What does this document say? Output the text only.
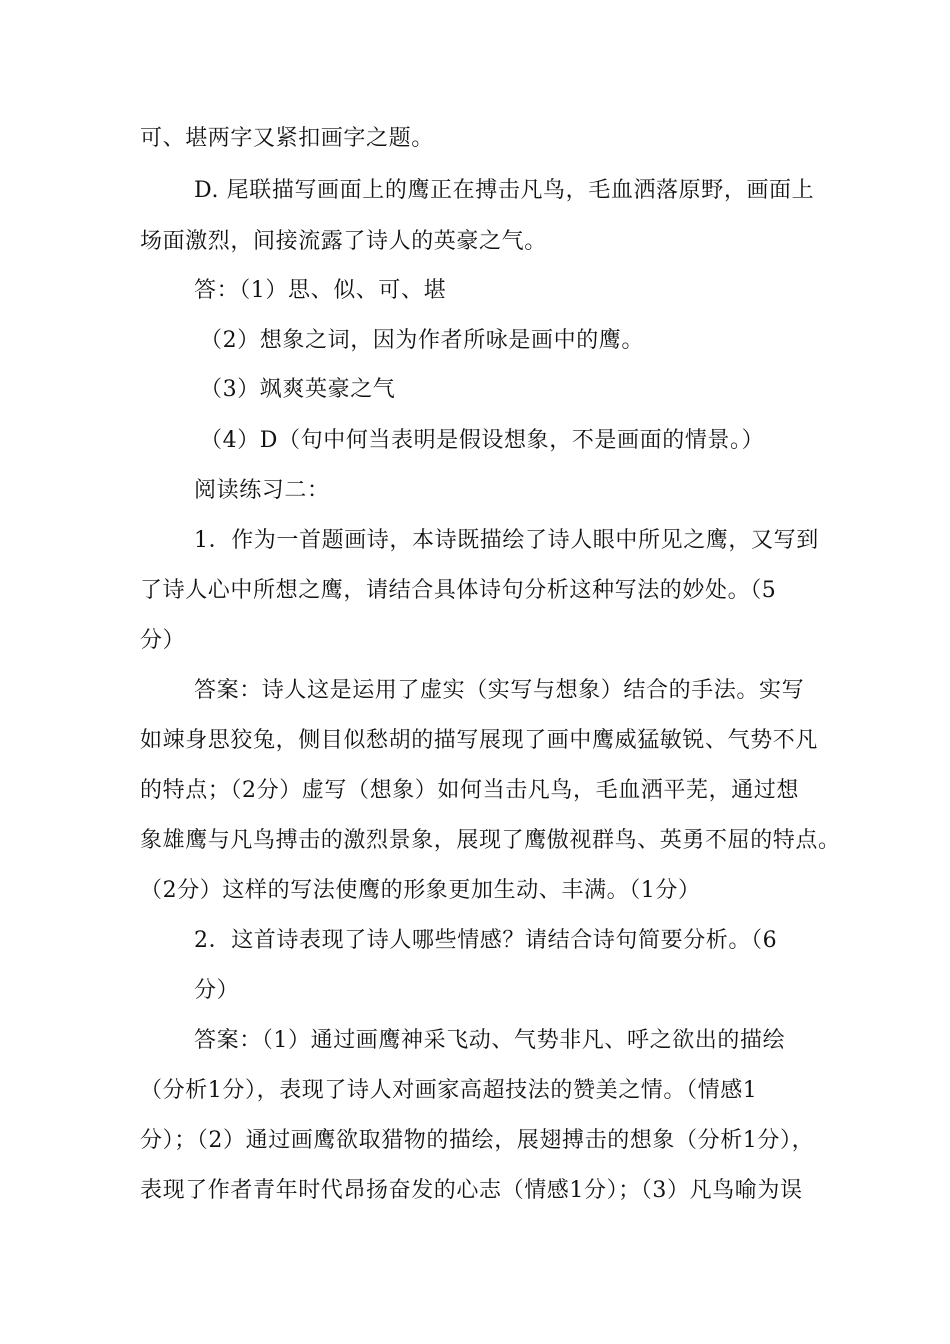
可、堪两字又紧扣画字之题。
D. 尾联描写画面上的鹰正在搏击凡鸟，毛血洒落原野，画面上
场面激烈，间接流露了诗人的英豪之气。
答：（1）思、似、可、堪
（2）想象之词，因为作者所咏是画中的鹰。
（3）飒爽英豪之气
（4）D（句中何当表明是假设想象，不是画面的情景。）
阅读练习二：
1．作为一首题画诗，本诗既描绘了诗人眼中所见之鹰，又写到
了诗人心中所想之鹰，请结合具体诗句分析这种写法的妙处。（5
分）
答案：诗人这是运用了虚实（实写与想象）结合的手法。实写
如竦身思狡兔，侧目似愁胡的描写展现了画中鹰威猛敏锐、气势不凡
的特点；（2分）虚写（想象）如何当击凡鸟，毛血洒平芜，通过想
象雄鹰与凡鸟搏击的激烈景象，展现了鹰傲视群鸟、英勇不屈的特点。
（2分）这样的写法使鹰的形象更加生动、丰满。（1分）
2．这首诗表现了诗人哪些情感？请结合诗句简要分析。（6
分）
答案：（1）通过画鹰神采飞动、气势非凡、呼之欲出的描绘
（分析1分），表现了诗人对画家高超技法的赞美之情。（情感1
分）；（2）通过画鹰欲取猎物的描绘，展翅搏击的想象（分析1分），
表现了作者青年时代昂扬奋发的心志（情感1分）；（3）凡鸟喻为误
